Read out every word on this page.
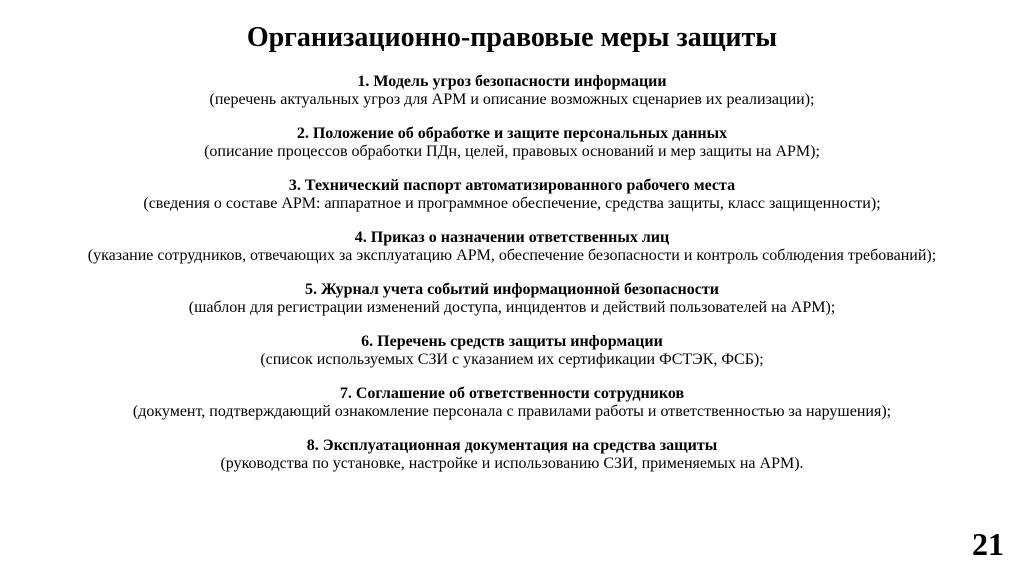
Организационно-правовые меры защиты
1. Модель угроз безопасности информации
(перечень актуальных угроз для АРМ и описание возможных сценариев их реализации);
2. Положение об обработке и защите персональных данных
(описание процессов обработки ПДн, целей, правовых оснований и мер защиты на АРМ);
3. Технический паспорт автоматизированного рабочего места
(сведения о составе АРМ: аппаратное и программное обеспечение, средства защиты, класс защищенности);
4. Приказ о назначении ответственных лиц
(указание сотрудников, отвечающих за эксплуатацию АРМ, обеспечение безопасности и контроль соблюдения требований);
5. Журнал учета событий информационной безопасности
(шаблон для регистрации изменений доступа, инцидентов и действий пользователей на АРМ);
6. Перечень средств защиты информации
(список используемых СЗИ с указанием их сертификации ФСТЭК, ФСБ);
7. Соглашение об ответственности сотрудников
(документ, подтверждающий ознакомление персонала с правилами работы и ответственностью за нарушения);
8. Эксплуатационная документация на средства защиты
(руководства по установке, настройке и использованию СЗИ, применяемых на АРМ).
21
